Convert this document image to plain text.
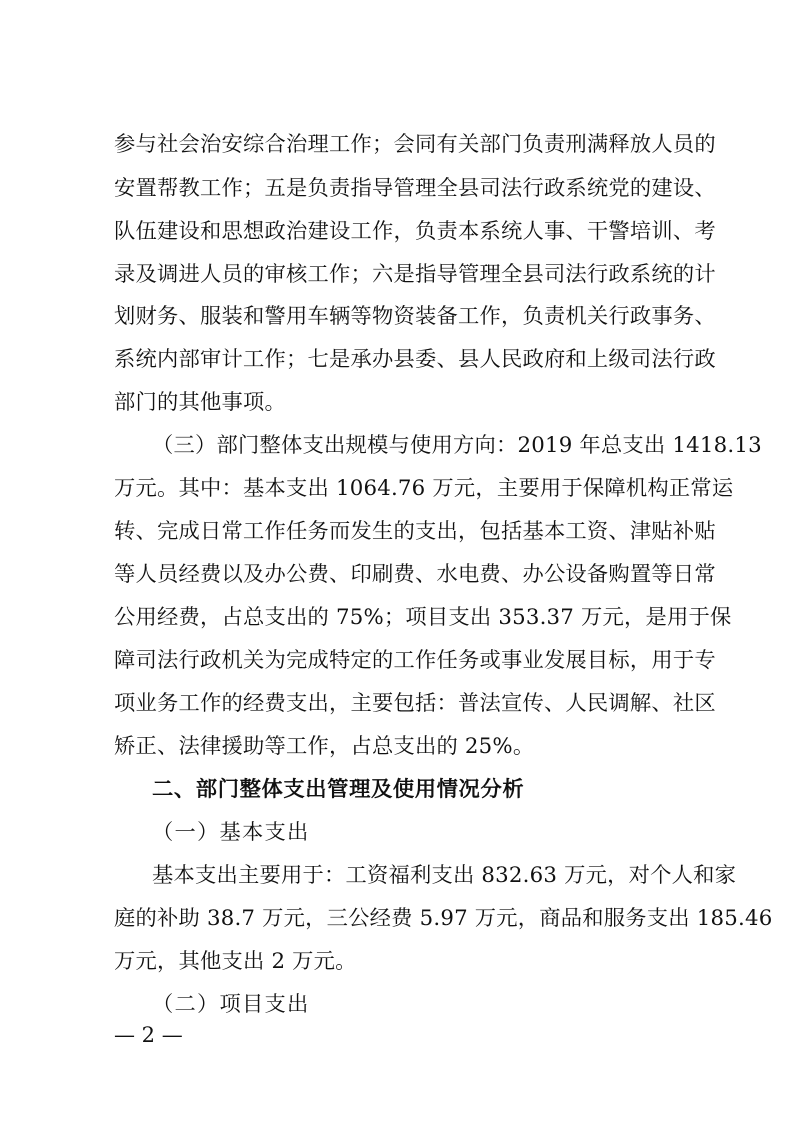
参与社会治安综合治理工作；会同有关部门负责刑满释放人员的
安置帮教工作；五是负责指导管理全县司法行政系统党的建设、
队伍建设和思想政治建设工作，负责本系统人事、干警培训、考
录及调进人员的审核工作；六是指导管理全县司法行政系统的计
划财务、服装和警用车辆等物资装备工作，负责机关行政事务、
系统内部审计工作；七是承办县委、县人民政府和上级司法行政
部门的其他事项。
（三）部门整体支出规模与使用方向：2019 年总支出 1418.13
万元。其中：基本支出 1064.76 万元，主要用于保障机构正常运
转、完成日常工作任务而发生的支出，包括基本工资、津贴补贴
等人员经费以及办公费、印刷费、水电费、办公设备购置等日常
公用经费，占总支出的 75%；项目支出 353.37 万元，是用于保
障司法行政机关为完成特定的工作任务或事业发展目标，用于专
项业务工作的经费支出，主要包括：普法宣传、人民调解、社区
矫正、法律援助等工作，占总支出的 25%。
二、部门整体支出管理及使用情况分析
（一）基本支出
基本支出主要用于：工资福利支出 832.63 万元，对个人和家
庭的补助 38.7 万元，三公经费 5.97 万元，商品和服务支出 185.46
万元，其他支出 2 万元。
（二）项目支出
— 2 —
